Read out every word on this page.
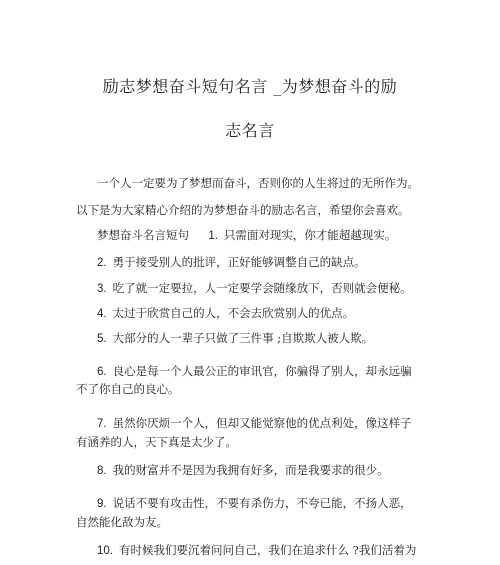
励志梦想奋斗短句名言 _为梦想奋斗的励
志名言

一个人一定要为了梦想而奋斗，否则你的人生将过的无所作为。

以下是为大家精心介绍的为梦想奋斗的励志名言，希望你会喜欢。

梦想奋斗名言短句 1. 只需面对现实，你才能超越现实。

2. 勇于接受别人的批评，正好能够调整自己的缺点。

3. 吃了就一定要拉，人一定要学会随缘放下，否则就会便秘。

4. 太过于欣赏自己的人，不会去欣赏别人的优点。

5. 大部分的人一辈子只做了三件事 ;自欺欺人被人欺。

6. 良心是每一个人最公正的审讯官，你骗得了别人，却永远骗

不了你自己的良心。

7. 虽然你厌烦一个人，但却又能觉察他的优点利处，像这样子

有涵养的人，天下真是太少了。

8. 我的财富并不是因为我拥有好多，而是我要求的很少。

9. 说话不要有攻击性，不要有杀伤力，不夸已能，不扬人恶，

自然能化敌为友。

10. 有时候我们要沉着问问自己，我们在追求什么 ?我们活着为
